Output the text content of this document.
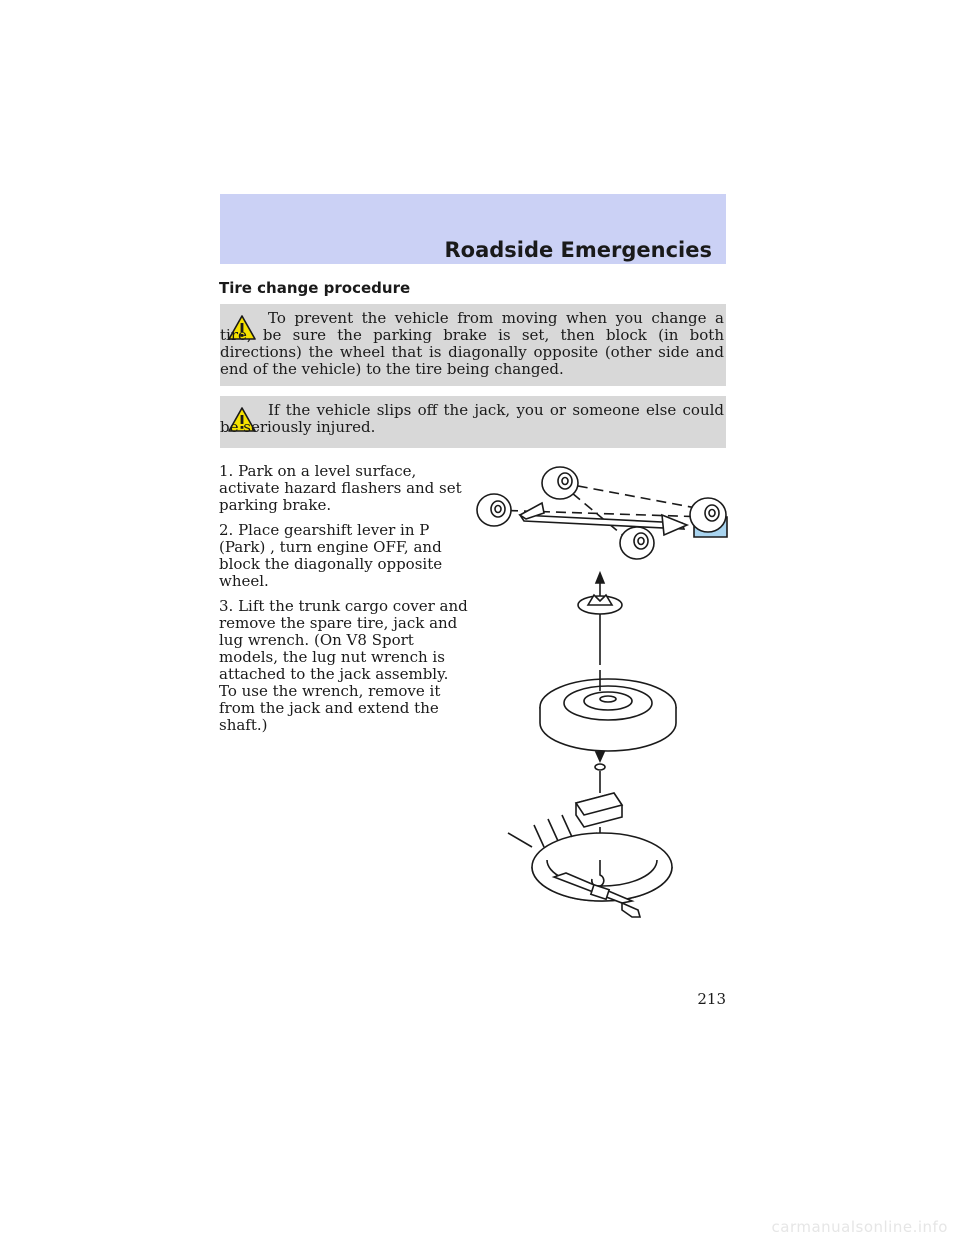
Roadside Emergencies
Tire change procedure
To prevent the vehicle from moving when you change a tire, be sure the parking brake is set, then block (in both directions) the wheel that is diagonally opposite (other side and end of the vehicle) to the tire being changed.
If the vehicle slips off the jack, you or someone else could be seriously injured.

1. Park on a level surface, activate hazard flashers and set parking brake.

2. Place gearshift lever in P (Park) , turn engine OFF, and block the diagonally opposite wheel.

3. Lift the trunk cargo cover and remove the spare tire, jack and lug wrench. (On V8 Sport models, the lug nut wrench is attached to the jack assembly. To use the wrench, remove it from the jack and extend the shaft.)

213
carmanualsonline.info
